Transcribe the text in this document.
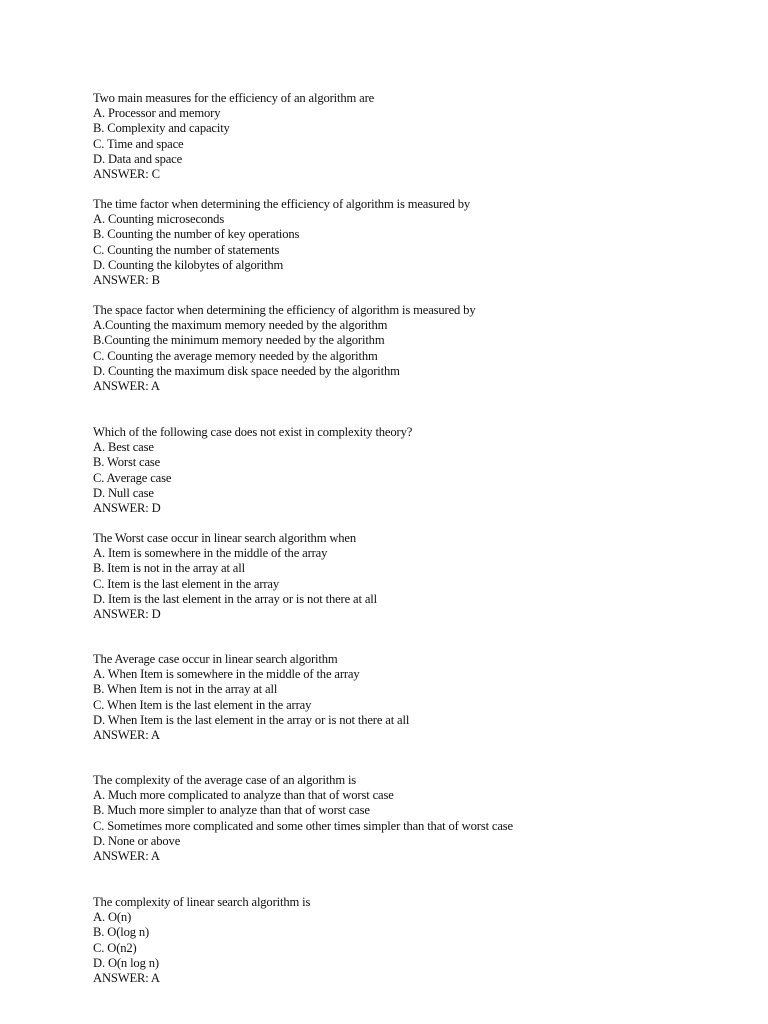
Two main measures for the efficiency of an algorithm are
A. Processor and memory
B. Complexity and capacity
C. Time and space
D. Data and space
ANSWER: C
The time factor when determining the efficiency of algorithm is measured by
A. Counting microseconds
B. Counting the number of key operations
C. Counting the number of statements
D. Counting the kilobytes of algorithm
ANSWER: B
The space factor when determining the efficiency of algorithm is measured by
A.Counting the maximum memory needed by the algorithm
B.Counting the minimum memory needed by the algorithm
C. Counting the average memory needed by the algorithm
D. Counting the maximum disk space needed by the algorithm
ANSWER: A
Which of the following case does not exist in complexity theory?
A. Best case
B. Worst case
C. Average case
D. Null case
ANSWER: D
The Worst case occur in linear search algorithm when
A. Item is somewhere in the middle of the array
B. Item is not in the array at all
C. Item is the last element in the array
D. Item is the last element in the array or is not there at all
ANSWER: D
The Average case occur in linear search algorithm
A. When Item is somewhere in the middle of the array
B. When Item is not in the array at all
C. When Item is the last element in the array
D. When Item is the last element in the array or is not there at all
ANSWER: A
The complexity of the average case of an algorithm is
A. Much more complicated to analyze than that of worst case
B. Much more simpler to analyze than that of worst case
C. Sometimes more complicated and some other times simpler than that of worst case
D. None or above
ANSWER: A
The complexity of linear search algorithm is
A. O(n)
B. O(log n)
C. O(n2)
D. O(n log n)
ANSWER: A
